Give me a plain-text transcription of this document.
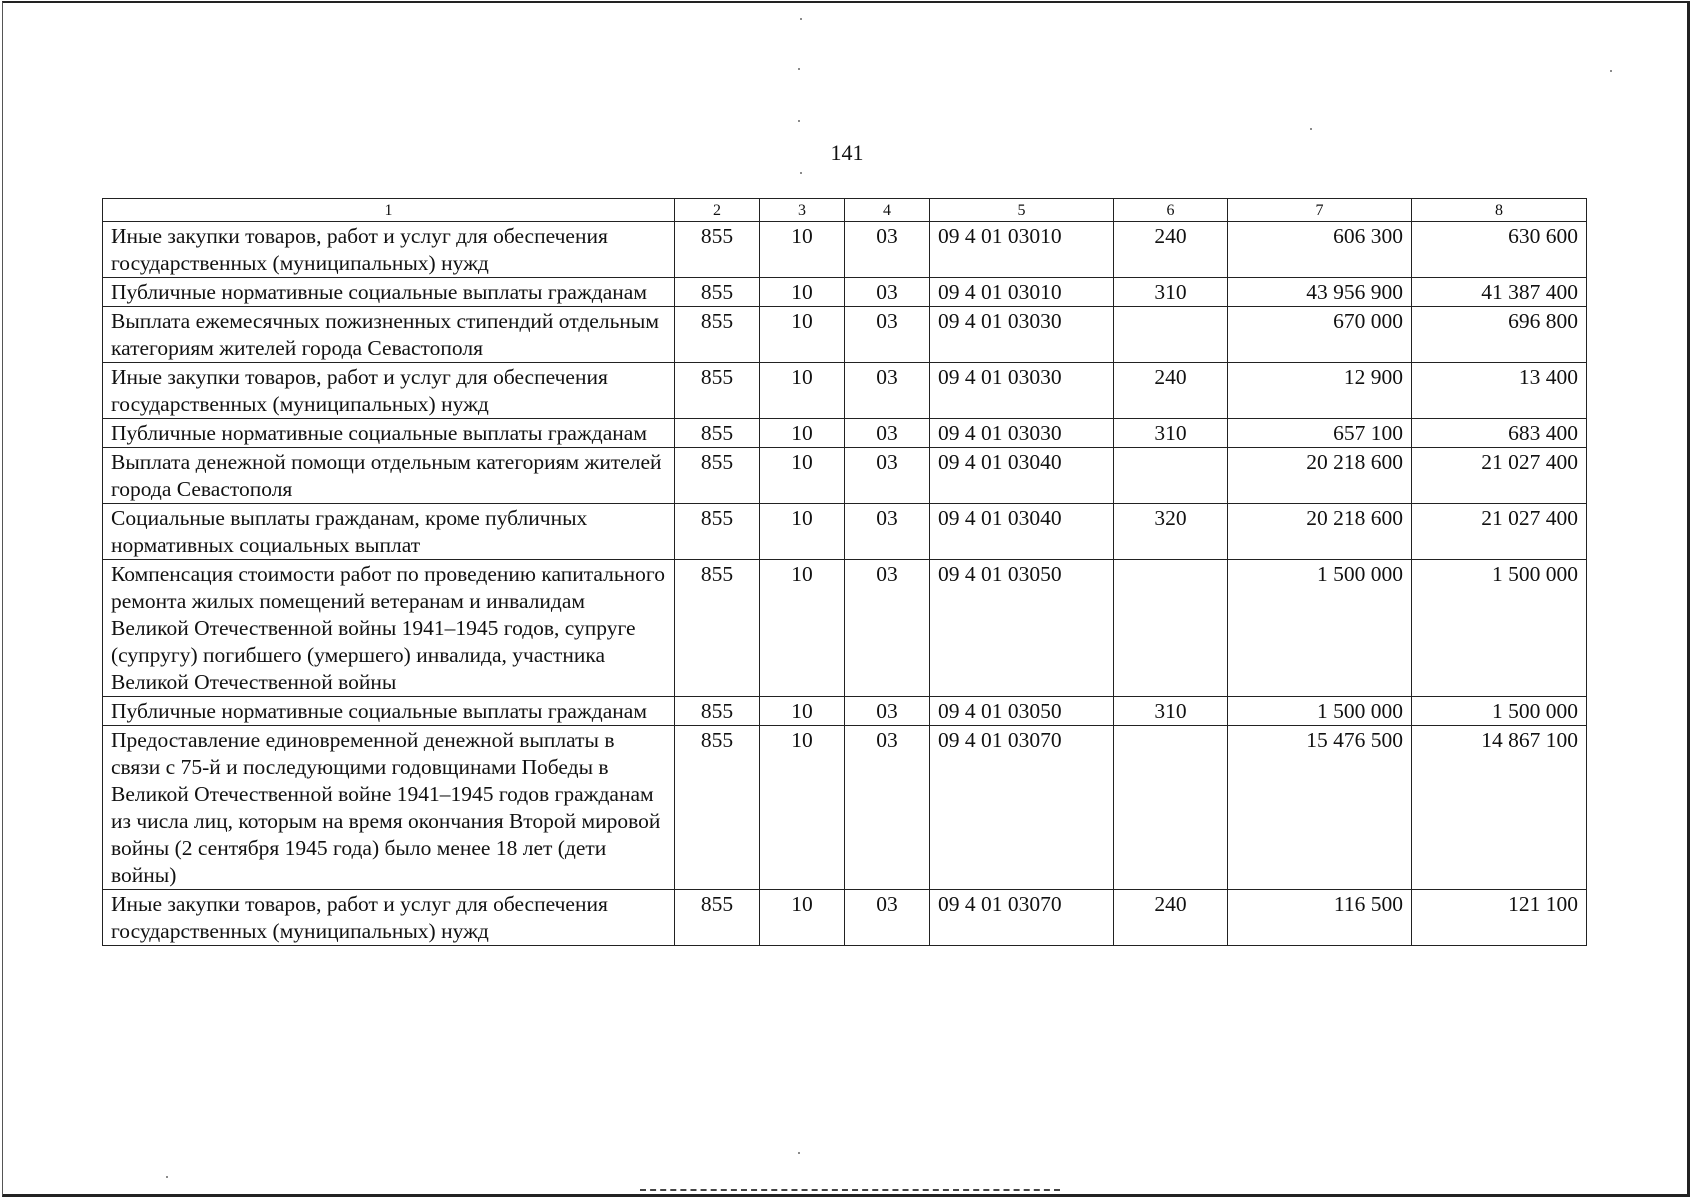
141
1	2	3	4	5	6	7	8
Иные закупки товаров, работ и услуг для обеспечения государственных (муниципальных) нужд	855	10	03	09 4 01 03010	240	606 300	630 600
Публичные нормативные социальные выплаты гражданам	855	10	03	09 4 01 03010	310	43 956 900	41 387 400
Выплата ежемесячных пожизненных стипендий отдельным категориям жителей города Севастополя	855	10	03	09 4 01 03030		670 000	696 800
Иные закупки товаров, работ и услуг для обеспечения государственных (муниципальных) нужд	855	10	03	09 4 01 03030	240	12 900	13 400
Публичные нормативные социальные выплаты гражданам	855	10	03	09 4 01 03030	310	657 100	683 400
Выплата денежной помощи отдельным категориям жителей города Севастополя	855	10	03	09 4 01 03040		20 218 600	21 027 400
Социальные выплаты гражданам, кроме публичных нормативных социальных выплат	855	10	03	09 4 01 03040	320	20 218 600	21 027 400
Компенсация стоимости работ по проведению капитального ремонта жилых помещений ветеранам и инвалидам Великой Отечественной войны 1941–1945 годов, супруге (супругу) погибшего (умершего) инвалида, участника Великой Отечественной войны	855	10	03	09 4 01 03050		1 500 000	1 500 000
Публичные нормативные социальные выплаты гражданам	855	10	03	09 4 01 03050	310	1 500 000	1 500 000
Предоставление единовременной денежной выплаты в связи с 75-й и последующими годовщинами Победы в Великой Отечественной войне 1941–1945 годов гражданам из числа лиц, которым на время окончания Второй мировой войны (2 сентября 1945 года) было менее 18 лет (дети войны)	855	10	03	09 4 01 03070		15 476 500	14 867 100
Иные закупки товаров, работ и услуг для обеспечения государственных (муниципальных) нужд	855	10	03	09 4 01 03070	240	116 500	121 100
